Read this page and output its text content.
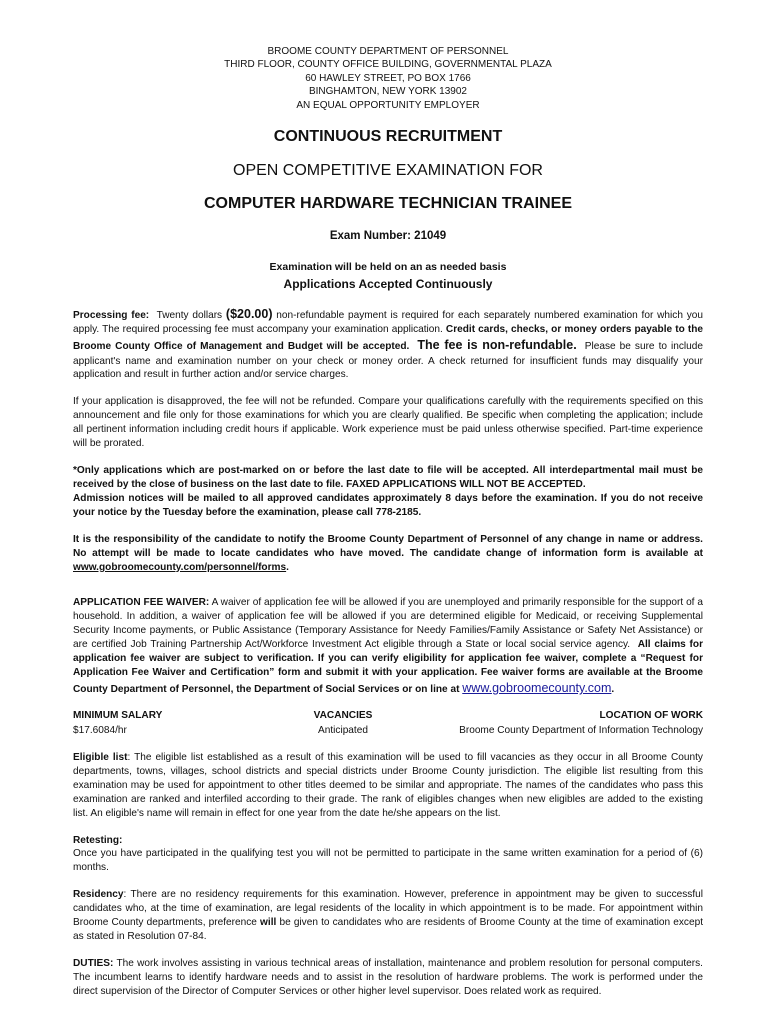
BROOME COUNTY DEPARTMENT OF PERSONNEL
THIRD FLOOR, COUNTY OFFICE BUILDING, GOVERNMENTAL PLAZA
60 HAWLEY STREET, PO BOX 1766
BINGHAMTON, NEW YORK 13902
AN EQUAL OPPORTUNITY EMPLOYER
CONTINUOUS RECRUITMENT
OPEN COMPETITIVE EXAMINATION FOR
COMPUTER HARDWARE TECHNICIAN TRAINEE
Exam Number: 21049
Examination will be held on an as needed basis
Applications Accepted Continuously

Processing fee: Twenty dollars ($20.00) non-refundable payment is required for each separately numbered examination for which you apply. The required processing fee must accompany your examination application. Credit cards, checks, or money orders payable to the Broome County Office of Management and Budget will be accepted. The fee is non-refundable. Please be sure to include applicant's name and examination number on your check or money order. A check returned for insufficient funds may disqualify your application and result in further action and/or service charges.

If your application is disapproved, the fee will not be refunded. Compare your qualifications carefully with the requirements specified on this announcement and file only for those examinations for which you are clearly qualified. Be specific when completing the application; include all pertinent information including credit hours if applicable. Work experience must be paid unless otherwise specified. Part-time experience will be prorated.

*Only applications which are post-marked on or before the last date to file will be accepted. All interdepartmental mail must be received by the close of business on the last date to file. FAXED APPLICATIONS WILL NOT BE ACCEPTED.
Admission notices will be mailed to all approved candidates approximately 8 days before the examination. If you do not receive your notice by the Tuesday before the examination, please call 778-2185.

It is the responsibility of the candidate to notify the Broome County Department of Personnel of any change in name or address. No attempt will be made to locate candidates who have moved. The candidate change of information form is available at www.gobroomecounty.com/personnel/forms.

APPLICATION FEE WAIVER: A waiver of application fee will be allowed if you are unemployed and primarily responsible for the support of a household. In addition, a waiver of application fee will be allowed if you are determined eligible for Medicaid, or receiving Supplemental Security Income payments, or Public Assistance (Temporary Assistance for Needy Families/Family Assistance or Safety Net Assistance) or are certified Job Training Partnership Act/Workforce Investment Act eligible through a State or local social service agency. All claims for application fee waiver are subject to verification. If you can verify eligibility for application fee waiver, complete a “Request for Application Fee Waiver and Certification” form and submit it with your application. Fee waiver forms are available at the Broome County Department of Personnel, the Department of Social Services or on line at www.gobroomecounty.com.

MINIMUM SALARY
$17.6084/hr
VACANCIES
Anticipated
LOCATION OF WORK
Broome County Department of Information Technology

Eligible list: The eligible list established as a result of this examination will be used to fill vacancies as they occur in all Broome County departments, towns, villages, school districts and special districts under Broome County jurisdiction. The eligible list resulting from this examination may be used for appointment to other titles deemed to be similar and appropriate. The names of the candidates who pass this examination are ranked and interfiled according to their grade. The rank of eligibles changes when new eligibles are added to the existing list. An eligible's name will remain in effect for one year from the date he/she appears on the list.

Retesting:
Once you have participated in the qualifying test you will not be permitted to participate in the same written examination for a period of (6) months.

Residency: There are no residency requirements for this examination. However, preference in appointment may be given to successful candidates who, at the time of examination, are legal residents of the locality in which appointment is to be made. For appointment within Broome County departments, preference will be given to candidates who are residents of Broome County at the time of examination except as stated in Resolution 07-84.

DUTIES: The work involves assisting in various technical areas of installation, maintenance and problem resolution for personal computers. The incumbent learns to identify hardware needs and to assist in the resolution of hardware problems. The work is performed under the direct supervision of the Director of Computer Services or other higher level supervisor. Does related work as required.
